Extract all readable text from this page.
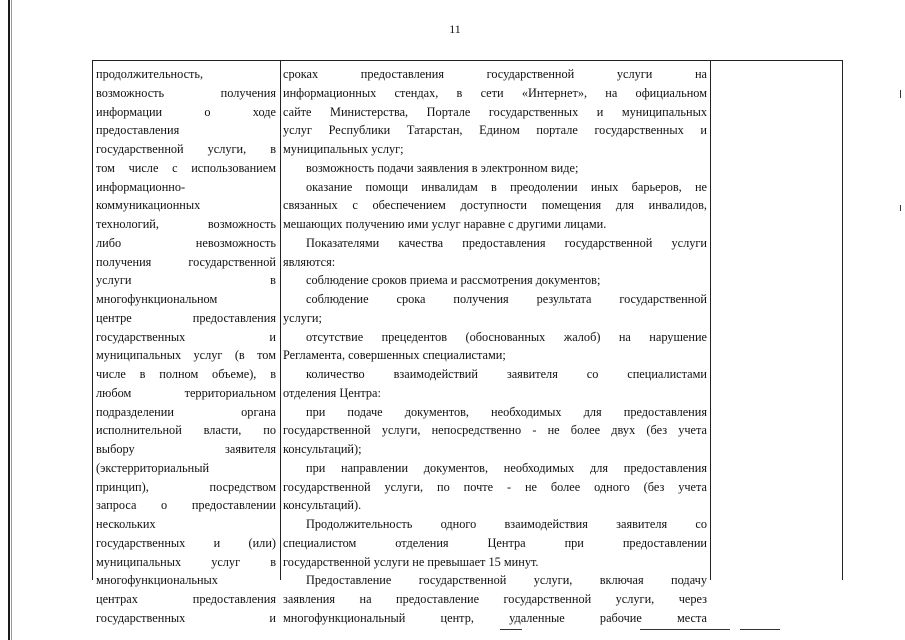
11
продолжительность,
возможность получения
информации о ходе
предоставления
государственной услуги, в
том числе с использованием
информационно-
коммуникационных
технологий, возможность
либо невозможность
получения государственной
услуги в
многофункциональном
центре предоставления
государственных и
муниципальных услуг (в том
числе в полном объеме), в
любом территориальном
подразделении органа
исполнительной власти, по
выбору заявителя
(экстерриториальный
принцип), посредством
запроса о предоставлении
нескольких
государственных и (или)
муниципальных услуг в
многофункциональных
центрах предоставления
государственных и
сроках предоставления государственной услуги на
информационных стендах, в сети «Интернет», на официальном
сайте Министерства, Портале государственных и муниципальных
услуг Республики Татарстан, Едином портале государственных и
муниципальных услуг;
возможность подачи заявления в электронном виде;
оказание помощи инвалидам в преодолении иных барьеров, не
связанных с обеспечением доступности помещения для инвалидов,
мешающих получению ими услуг наравне с другими лицами.
Показателями качества предоставления государственной услуги
являются:
соблюдение сроков приема и рассмотрения документов;
соблюдение срока получения результата государственной
услуги;
отсутствие прецедентов (обоснованных жалоб) на нарушение
Регламента, совершенных специалистами;
количество взаимодействий заявителя со специалистами
отделения Центра:
при подаче документов, необходимых для предоставления
государственной услуги, непосредственно - не более двух (без учета
консультаций);
при направлении документов, необходимых для предоставления
государственной услуги, по почте - не более одного (без учета
консультаций).
Продолжительность одного взаимодействия заявителя со
специалистом отделения Центра при предоставлении
государственной услуги не превышает 15 минут.
Предоставление государственной услуги, включая подачу
заявления на предоставление государственной услуги, через
многофункциональный центр, удаленные рабочие места
